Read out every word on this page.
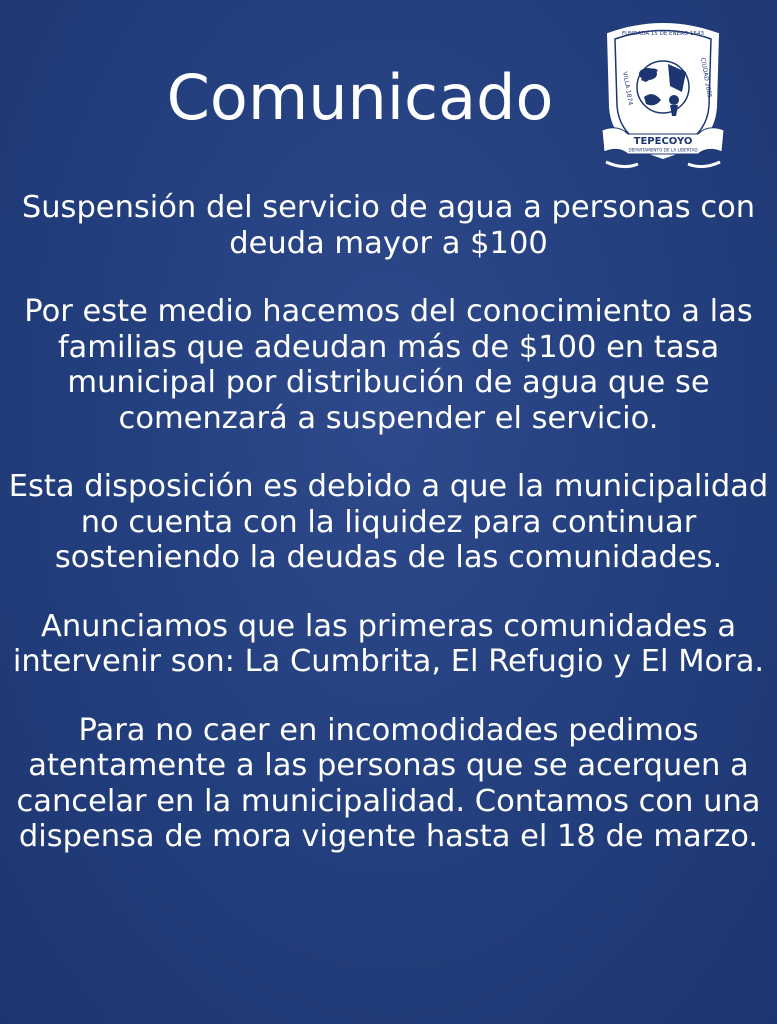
Comunicado
FUNDADA 15 DE ENERO 1543
VILLA 1874	CIUDAD 2005
TEPECOYO
DEPARTAMENTO DE LA LIBERTAD

Suspensión del servicio de agua a personas con deuda mayor a $100

Por este medio hacemos del conocimiento a las familias que adeudan más de $100 en tasa municipal por distribución de agua que se comenzará a suspender el servicio.

Esta disposición es debido a que la municipalidad no cuenta con la liquidez para continuar sosteniendo la deudas de las comunidades.

Anunciamos que las primeras comunidades a intervenir son: La Cumbrita, El Refugio y El Mora.

Para no caer en incomodidades pedimos atentamente a las personas que se acerquen a cancelar en la municipalidad. Contamos con una dispensa de mora vigente hasta el 18 de marzo.
